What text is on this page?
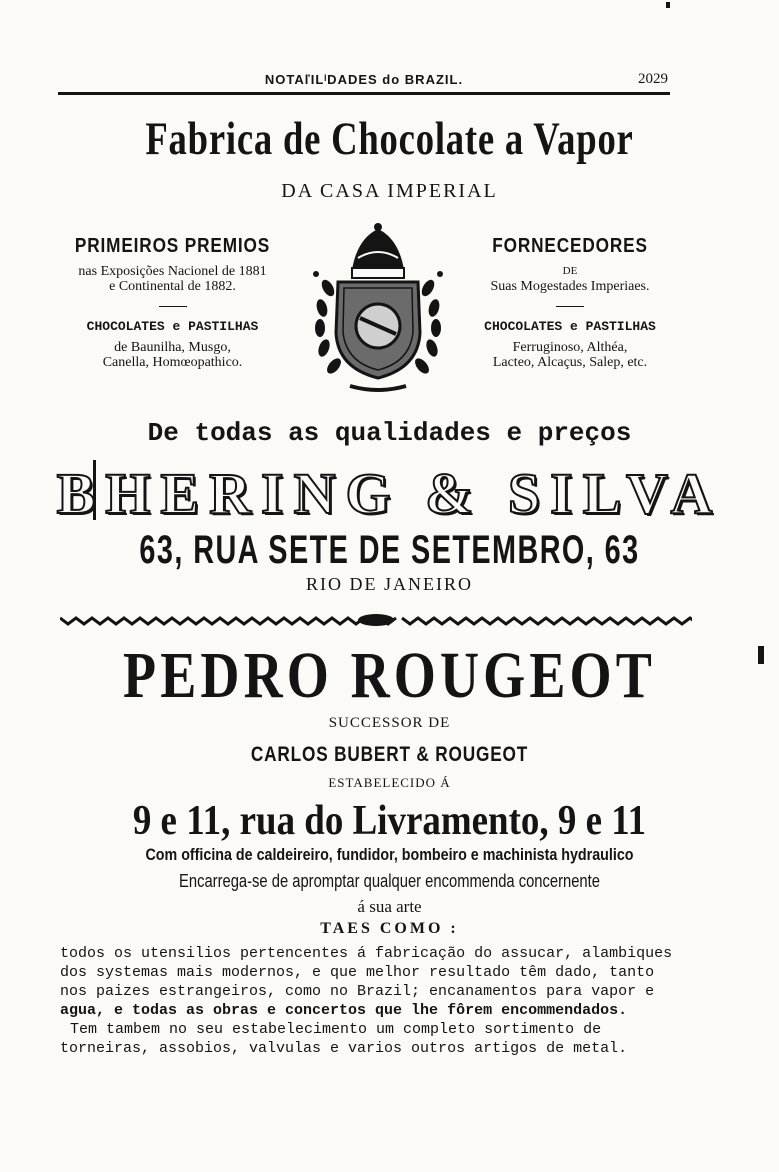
NOTAľILˡDADES do BRAZIL.	2029
Fabrica de Chocolate a Vapor
DA CASA IMPERIAL
PRIMEIROS PREMIOS
nas Exposições Nacionel de 1881
e Continental de 1882.
CHOCOLATES e PASTILHAS
de Baunilha, Musgo,
Canella, Homœopathico.
FORNECEDORES
DE
Suas Mogestades Imperiaes.
CHOCOLATES e PASTILHAS
Ferruginoso, Althéa,
Lacteo, Alcaçus, Salep, etc.
De todas as qualidades e preços
BHERING & SILVA
63, RUA SETE DE SETEMBRO, 63
RIO DE JANEIRO
PEDRO ROUGEOT
SUCCESSOR DE
CARLOS BUBERT & ROUGEOT
ESTABELECIDO Á
9 e 11, rua do Livramento, 9 e 11
Com officina de caldeireiro, fundidor, bombeiro e machinista hydraulico
Encarrega-se de apromptar qualquer encommenda concernente
á sua arte
TAES COMO :
todos os utensilios pertencentes á fabricação do assucar, alambiques
dos systemas mais modernos, e que melhor resultado têm dado, tanto
nos paizes estrangeiros, como no Brazil; encanamentos para vapor e
agua, e todas as obras e concertos que lhe fôrem encommendados.
Tem tambem no seu estabelecimento um completo sortimento de
torneiras, assobios, valvulas e varios outros artigos de metal.
